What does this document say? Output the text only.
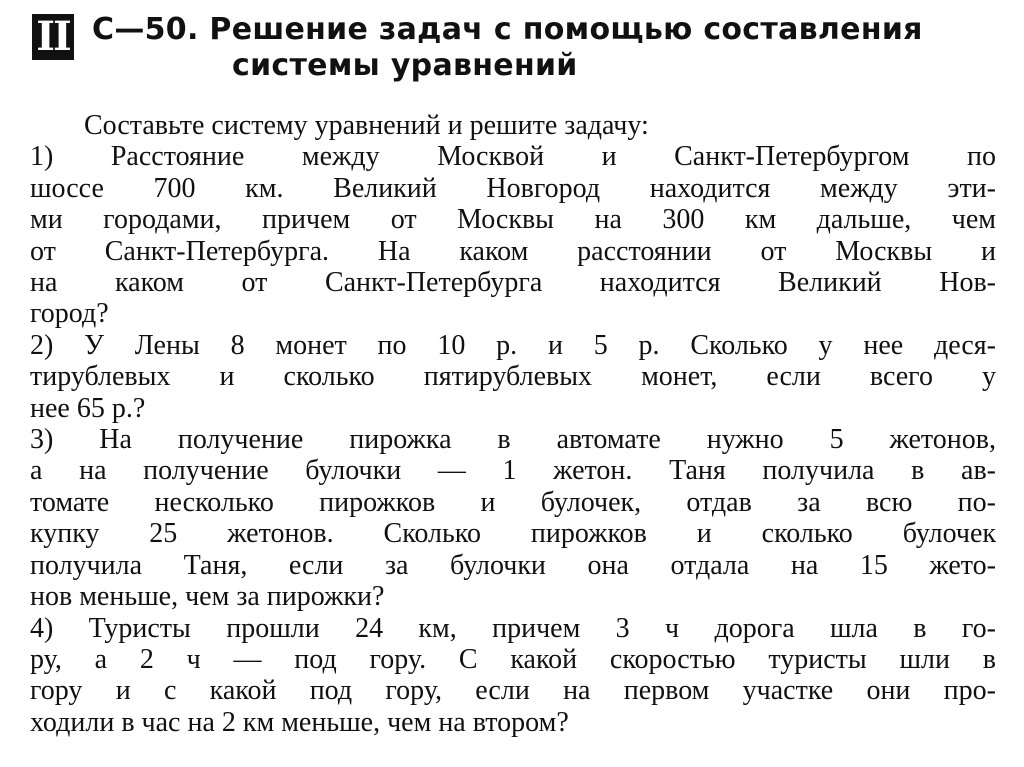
II С—50. Решение задач с помощью составления
системы уравнений
Составьте систему уравнений и решите задачу:
1) Расстояние между Москвой и Санкт-Петербургом по
шоссе 700 км. Великий Новгород находится между эти-
ми городами, причем от Москвы на 300 км дальше, чем
от Санкт-Петербурга. На каком расстоянии от Москвы и
на каком от Санкт-Петербурга находится Великий Нов-
город?
2) У Лены 8 монет по 10 р. и 5 р. Сколько у нее деся-
тирублевых и сколько пятирублевых монет, если всего у
нее 65 р.?
3) На получение пирожка в автомате нужно 5 жетонов,
а на получение булочки — 1 жетон. Таня получила в ав-
томате несколько пирожков и булочек, отдав за всю по-
купку 25 жетонов. Сколько пирожков и сколько булочек
получила Таня, если за булочки она отдала на 15 жето-
нов меньше, чем за пирожки?
4) Туристы прошли 24 км, причем 3 ч дорога шла в го-
ру, а 2 ч — под гору. С какой скоростью туристы шли в
гору и с какой под гору, если на первом участке они про-
ходили в час на 2 км меньше, чем на втором?
